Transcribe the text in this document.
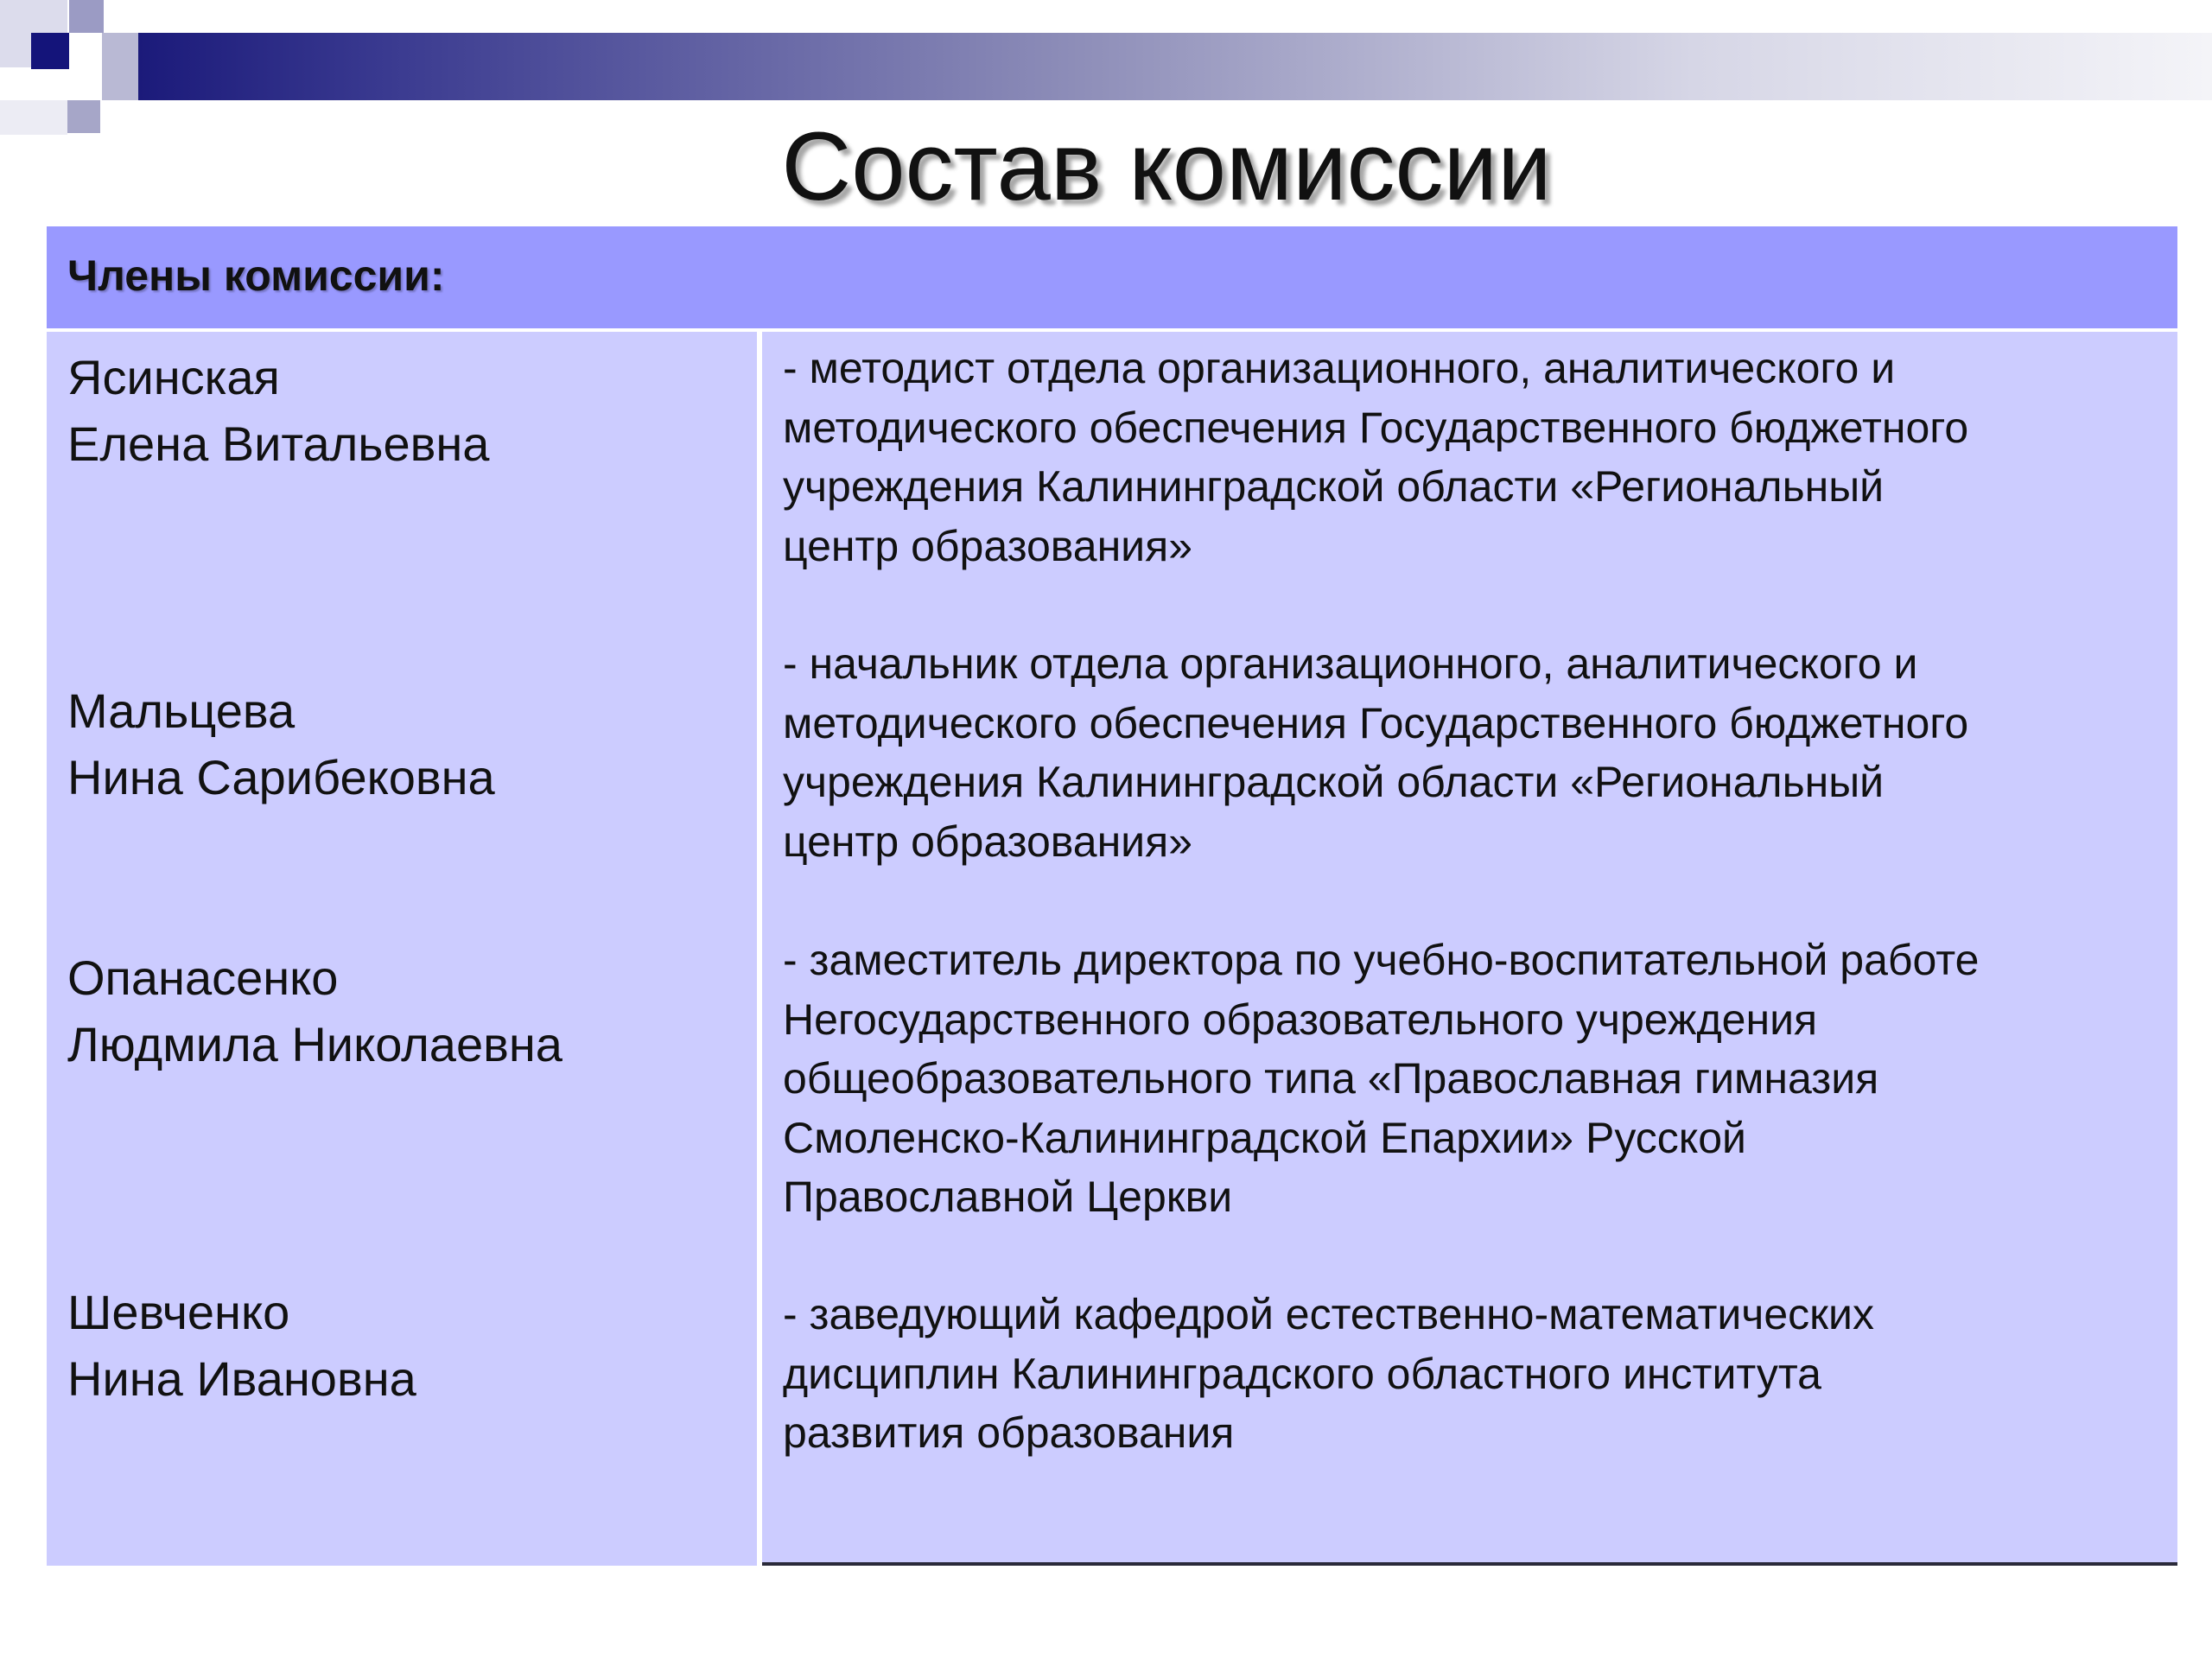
Состав комиссии
Члены комиссии:
Ясинская
Елена Витальевна
Мальцева
Нина Сарибековна
Опанасенко
Людмила Николаевна
Шевченко
Нина Ивановна
- методист отдела организационного, аналитического и
методического обеспечения Государственного бюджетного
учреждения Калининградской области «Региональный
центр образования»
- начальник отдела организационного, аналитического и
методического обеспечения Государственного бюджетного
учреждения Калининградской области «Региональный
центр образования»
- заместитель директора по учебно-воспитательной работе
Негосударственного образовательного учреждения
общеобразовательного типа «Православная гимназия
Смоленско-Калининградской Епархии» Русской
Православной Церкви
- заведующий кафедрой естественно-математических
дисциплин Калининградского областного института
развития образования
